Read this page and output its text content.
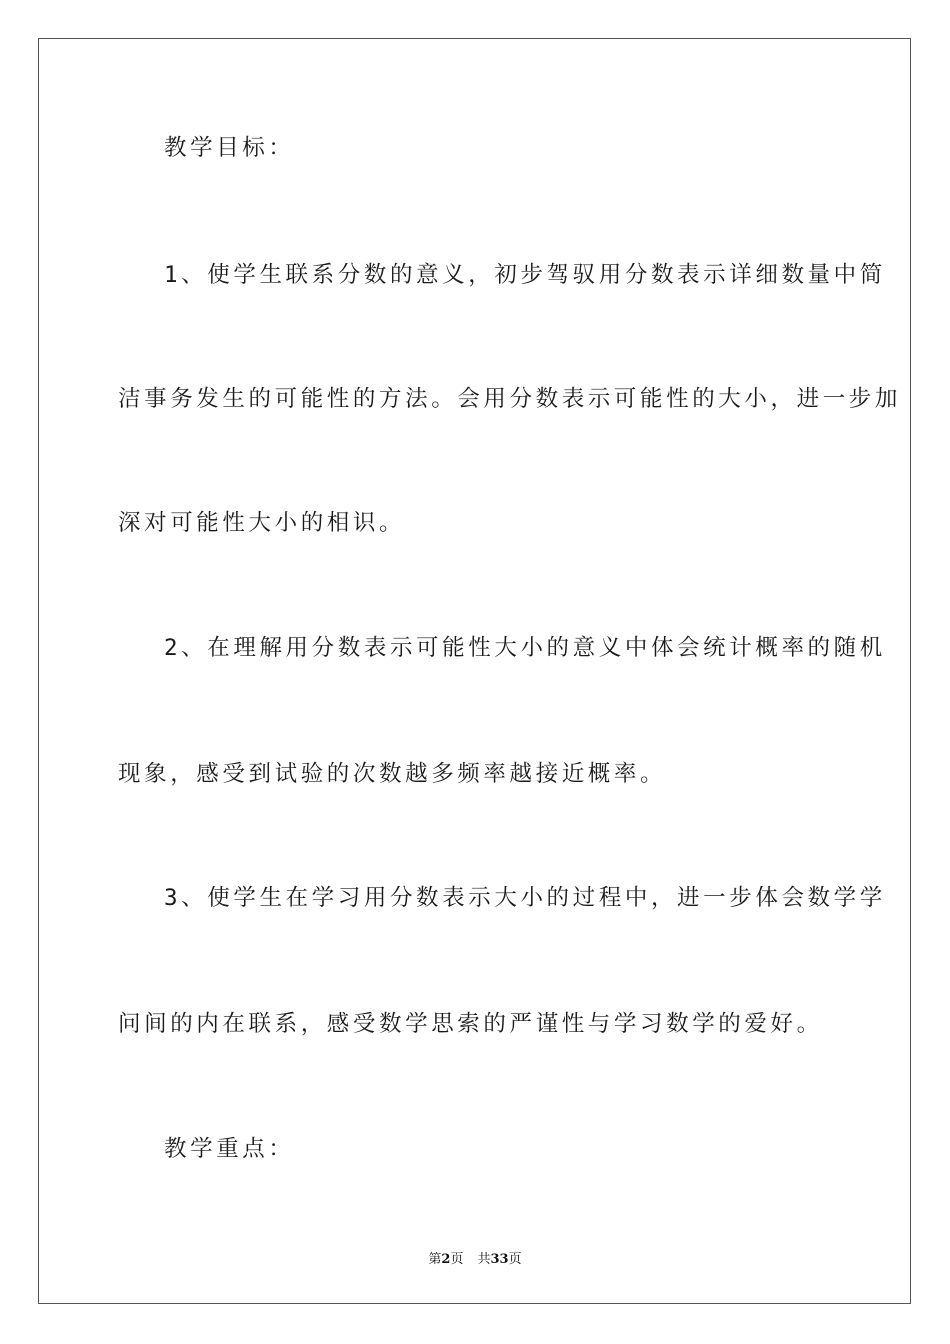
教学目标：
1、使学生联系分数的意义，初步驾驭用分数表示详细数量中简
洁事务发生的可能性的方法。会用分数表示可能性的大小，进一步加
深对可能性大小的相识。
2、在理解用分数表示可能性大小的意义中体会统计概率的随机
现象，感受到试验的次数越多频率越接近概率。
3、使学生在学习用分数表示大小的过程中，进一步体会数学学
问间的内在联系，感受数学思索的严谨性与学习数学的爱好。
教学重点：
第2页 共33页
